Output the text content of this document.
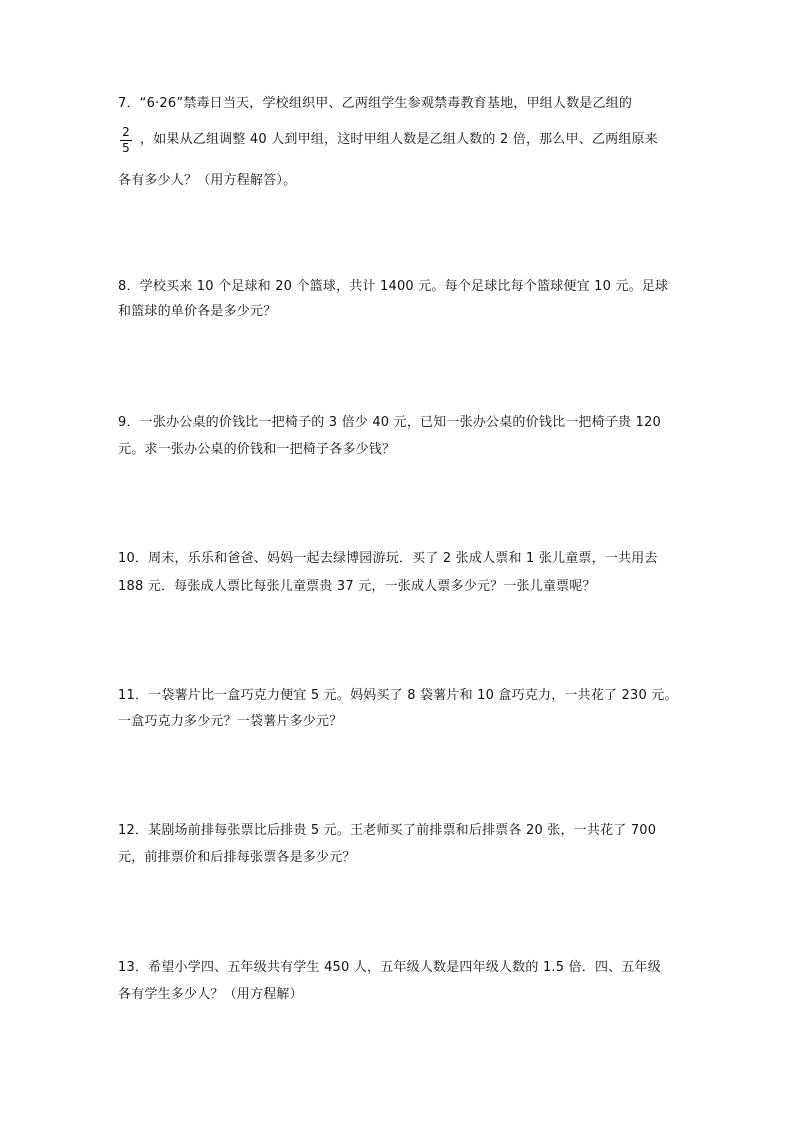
7．“6·26”禁毒日当天，学校组织甲、乙两组学生参观禁毒教育基地，甲组人数是乙组的
2
5
，如果从乙组调整 40 人到甲组，这时甲组人数是乙组人数的 2 倍，那么甲、乙两组原来
各有多少人？（用方程解答）。
8．学校买来 10 个足球和 20 个篮球，共计 1400 元。每个足球比每个篮球便宜 10 元。足球
和篮球的单价各是多少元？
9．一张办公桌的价钱比一把椅子的 3 倍少 40 元，已知一张办公桌的价钱比一把椅子贵 120
元。求一张办公桌的价钱和一把椅子各多少钱？
10．周末，乐乐和爸爸、妈妈一起去绿博园游玩．买了 2 张成人票和 1 张儿童票，一共用去
188 元．每张成人票比每张儿童票贵 37 元，一张成人票多少元？一张儿童票呢？
11．一袋薯片比一盒巧克力便宜 5 元。妈妈买了 8 袋薯片和 10 盒巧克力，一共花了 230 元。
一盒巧克力多少元？一袋薯片多少元？
12．某剧场前排每张票比后排贵 5 元。王老师买了前排票和后排票各 20 张，一共花了 700
元，前排票价和后排每张票各是多少元？
13．希望小学四、五年级共有学生 450 人，五年级人数是四年级人数的 1.5 倍．四、五年级
各有学生多少人？（用方程解）
